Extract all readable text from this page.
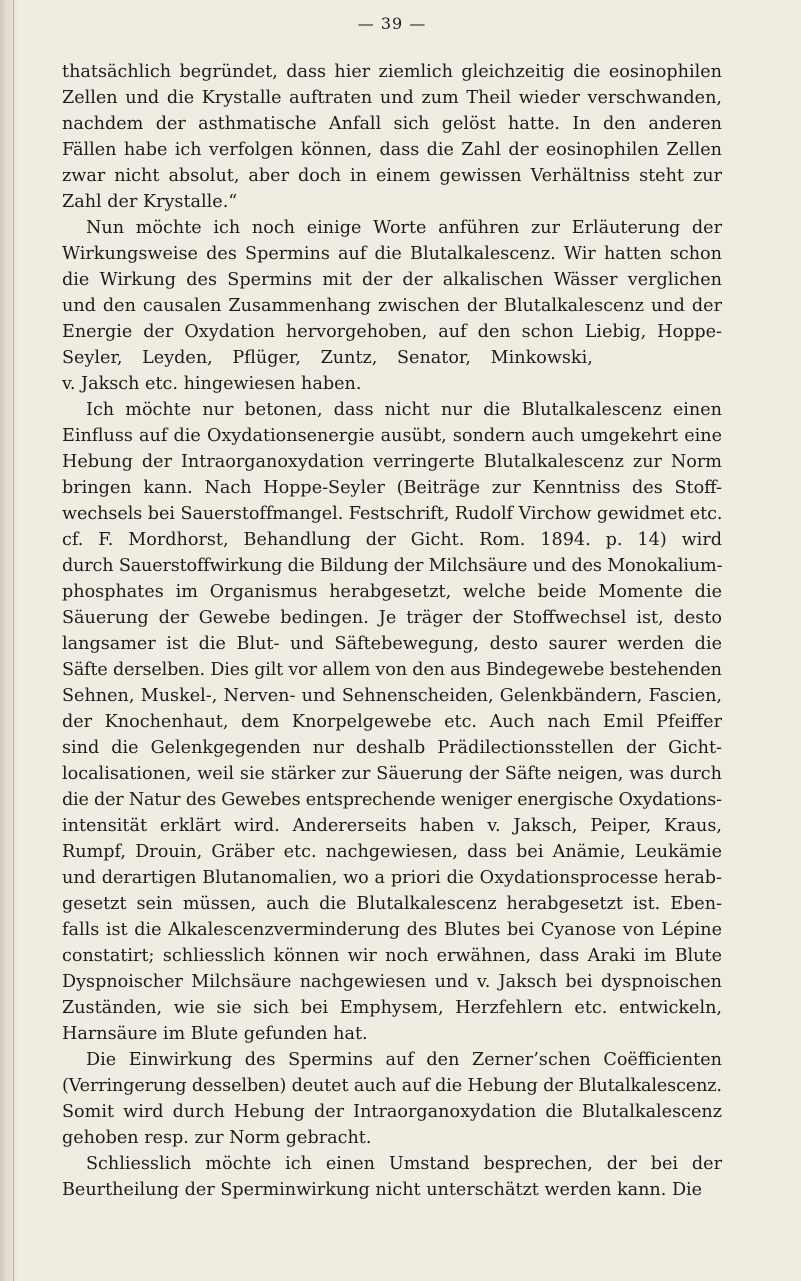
— 39 —
thatsächlich begründet, dass hier ziemlich gleichzeitig die eosinophilen
Zellen und die Krystalle auftraten und zum Theil wieder verschwanden,
nachdem der asthmatische Anfall sich gelöst hatte. In den anderen
Fällen habe ich verfolgen können, dass die Zahl der eosinophilen Zellen
zwar nicht absolut, aber doch in einem gewissen Verhältniss steht zur
Zahl der Krystalle.“
Nun möchte ich noch einige Worte anführen zur Erläuterung der
Wirkungsweise des Spermins auf die Blutalkalescenz. Wir hatten schon
die Wirkung des Spermins mit der der alkalischen Wässer verglichen
und den causalen Zusammenhang zwischen der Blutalkalescenz und der
Energie der Oxydation hervorgehoben, auf den schon Liebig, Hoppe-
Seyler, Leyden, Pflüger, Zuntz, Senator, Minkowski,
v. Jaksch etc. hingewiesen haben.
Ich möchte nur betonen, dass nicht nur die Blutalkalescenz einen
Einfluss auf die Oxydationsenergie ausübt, sondern auch umgekehrt eine
Hebung der Intraorganoxydation verringerte Blutalkalescenz zur Norm
bringen kann. Nach Hoppe-Seyler (Beiträge zur Kenntniss des Stoff-
wechsels bei Sauerstoffmangel. Festschrift, Rudolf Virchow gewidmet etc.
cf. F. Mordhorst, Behandlung der Gicht. Rom. 1894. p. 14) wird
durch Sauerstoffwirkung die Bildung der Milchsäure und des Monokalium-
phosphates im Organismus herabgesetzt, welche beide Momente die
Säuerung der Gewebe bedingen. Je träger der Stoffwechsel ist, desto
langsamer ist die Blut- und Säftebewegung, desto saurer werden die
Säfte derselben. Dies gilt vor allem von den aus Bindegewebe bestehenden
Sehnen, Muskel-, Nerven- und Sehnenscheiden, Gelenkbändern, Fascien,
der Knochenhaut, dem Knorpelgewebe etc. Auch nach Emil Pfeiffer
sind die Gelenkgegenden nur deshalb Prädilectionsstellen der Gicht-
localisationen, weil sie stärker zur Säuerung der Säfte neigen, was durch
die der Natur des Gewebes entsprechende weniger energische Oxydations-
intensität erklärt wird. Andererseits haben v. Jaksch, Peiper, Kraus,
Rumpf, Drouin, Gräber etc. nachgewiesen, dass bei Anämie, Leukämie
und derartigen Blutanomalien, wo a priori die Oxydationsprocesse herab-
gesetzt sein müssen, auch die Blutalkalescenz herabgesetzt ist. Eben-
falls ist die Alkalescenzverminderung des Blutes bei Cyanose von Lépine
constatirt; schliesslich können wir noch erwähnen, dass Araki im Blute
Dyspnoischer Milchsäure nachgewiesen und v. Jaksch bei dyspnoischen
Zuständen, wie sie sich bei Emphysem, Herzfehlern etc. entwickeln,
Harnsäure im Blute gefunden hat.
Die Einwirkung des Spermins auf den Zerner’schen Coëfficienten
(Verringerung desselben) deutet auch auf die Hebung der Blutalkalescenz.
Somit wird durch Hebung der Intraorganoxydation die Blutalkalescenz
gehoben resp. zur Norm gebracht.
Schliesslich möchte ich einen Umstand besprechen, der bei der
Beurtheilung der Sperminwirkung nicht unterschätzt werden kann. Die
